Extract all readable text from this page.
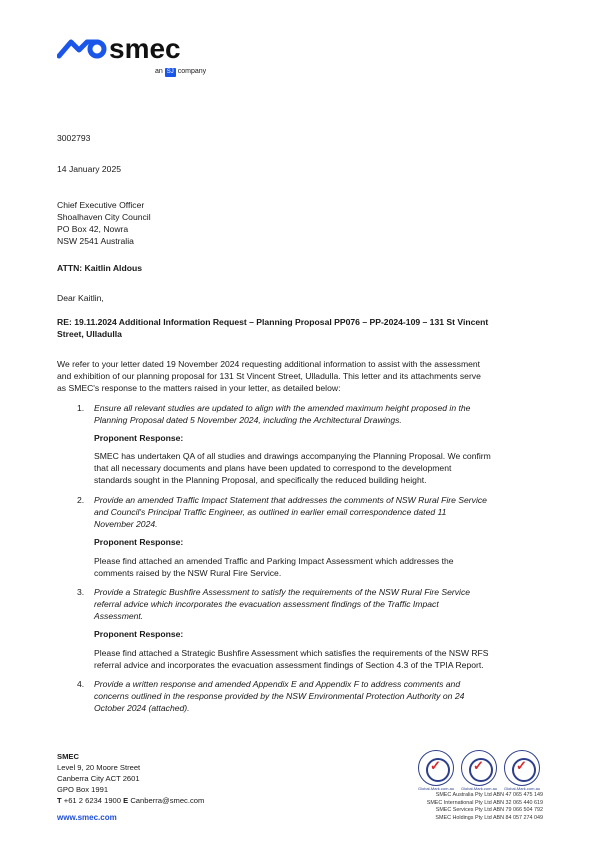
smec
an SJ company
3002793
14 January 2025
Chief Executive Officer
Shoalhaven City Council
PO Box 42, Nowra
NSW 2541 Australia
ATTN: Kaitlin Aldous
Dear Kaitlin,
RE: 19.11.2024 Additional Information Request – Planning Proposal PP076 – PP-2024-109 – 131 St Vincent
Street, Ulladulla
We refer to your letter dated 19 November 2024 requesting additional information to assist with the assessment
and exhibition of our planning proposal for 131 St Vincent Street, Ulladulla. This letter and its attachments serve
as SMEC's response to the matters raised in your letter, as detailed below:
1. Ensure all relevant studies are updated to align with the amended maximum height proposed in the
Planning Proposal dated 5 November 2024, including the Architectural Drawings.
Proponent Response:
SMEC has undertaken QA of all studies and drawings accompanying the Planning Proposal. We confirm
that all necessary documents and plans have been updated to correspond to the development
standards sought in the Planning Proposal, and specifically the reduced building height.
2. Provide an amended Traffic Impact Statement that addresses the comments of NSW Rural Fire Service
and Council's Principal Traffic Engineer, as outlined in earlier email correspondence dated 11
November 2024.
Proponent Response:
Please find attached an amended Traffic and Parking Impact Assessment which addresses the
comments raised by the NSW Rural Fire Service.
3. Provide a Strategic Bushfire Assessment to satisfy the requirements of the NSW Rural Fire Service
referral advice which incorporates the evacuation assessment findings of the Traffic Impact
Assessment.
Proponent Response:
Please find attached a Strategic Bushfire Assessment which satisfies the requirements of the NSW RFS
referral advice and incorporates the evacuation assessment findings of Section 4.3 of the TPIA Report.
4. Provide a written response and amended Appendix E and Appendix F to address comments and
concerns outlined in the response provided by the NSW Environmental Protection Authority on 24
October 2024 (attached).
SMEC
Level 9, 20 Moore Street
Canberra City ACT 2601
GPO Box 1991
T +61 2 6234 1900 E Canberra@smec.com
www.smec.com
✓ ✓ ✓
Global-Mark.com.au Global-Mark.com.au Global-Mark.com.au
SMEC Australia Pty Ltd ABN 47 065 475 149
SMEC International Pty Ltd ABN 32 065 440 619
SMEC Services Pty Ltd ABN 79 066 504 792
SMEC Holdings Pty Ltd ABN 84 057 274 049
